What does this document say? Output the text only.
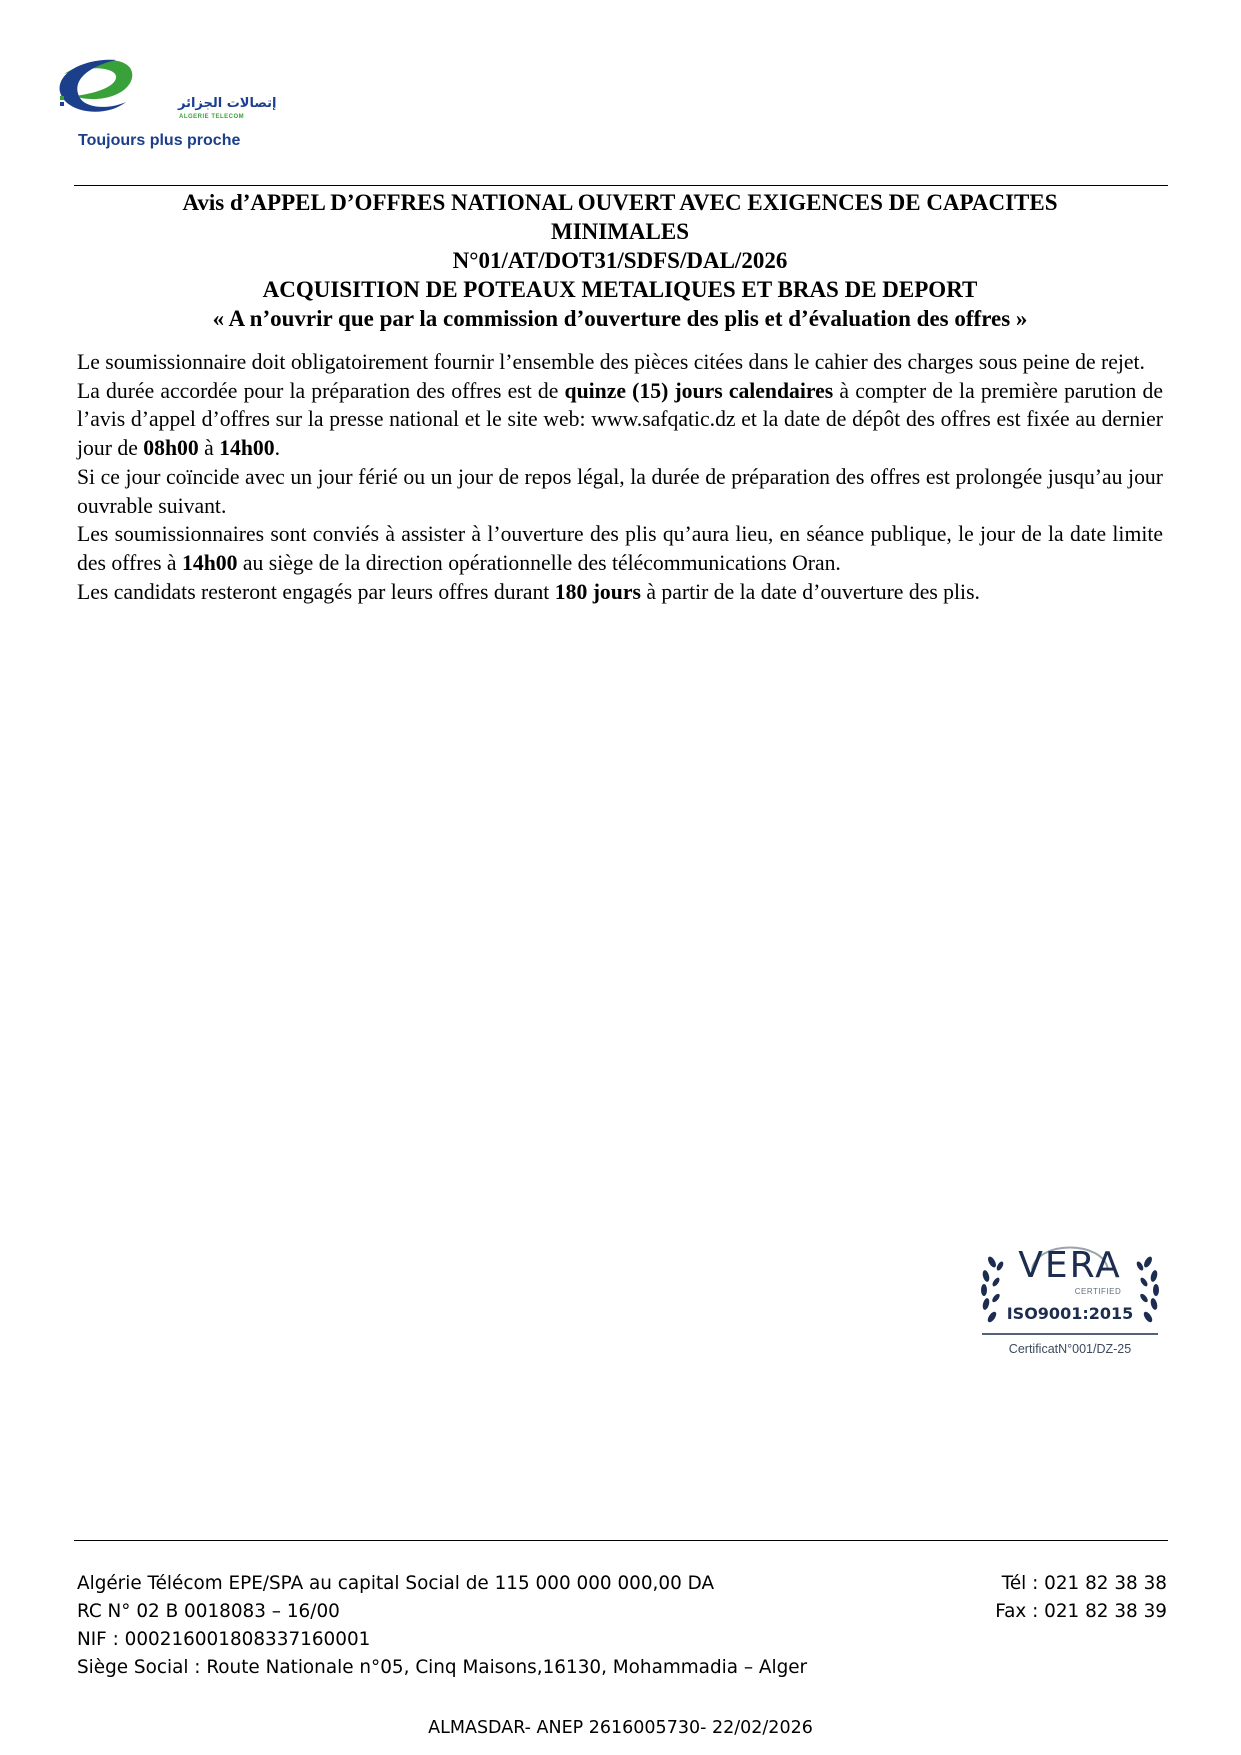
إتصالات الجزائر
ALGERIE TELECOM
Toujours plus proche
Avis d’APPEL D’OFFRES NATIONAL OUVERT AVEC EXIGENCES DE CAPACITES
MINIMALES
N°01/AT/DOT31/SDFS/DAL/2026
ACQUISITION DE POTEAUX METALIQUES ET BRAS DE DEPORT
« A n’ouvrir que par la commission d’ouverture des plis et d’évaluation des offres »

Le soumissionnaire doit obligatoirement fournir l’ensemble des pièces citées dans le cahier des charges sous peine de rejet.

La durée accordée pour la préparation des offres est de quinze (15) jours calendaires à compter de la première parution de l’avis d’appel d’offres sur la presse national et le site web: www.safqatic.dz et la date de dépôt des offres est fixée au dernier jour de 08h00 à 14h00.

Si ce jour coïncide avec un jour férié ou un jour de repos légal, la durée de préparation des offres est prolongée jusqu’au jour ouvrable suivant.

Les soumissionnaires sont conviés à assister à l’ouverture des plis qu’aura lieu, en séance publique, le jour de la date limite des offres à 14h00 au siège de la direction opérationnelle des télécommunications Oran.

Les candidats resteront engagés par leurs offres durant 180 jours à partir de la date d’ouverture des plis.

VERA
CERTIFIED
ISO9001:2015
CertificatN°001/DZ-25
Algérie Télécom EPE/SPA au capital Social de 115 000 000 000,00 DA
RC N° 02 B 0018083 – 16/00
NIF : 000216001808337160001
Siège Social : Route Nationale n°05, Cinq Maisons,16130, Mohammadia – Alger
Tél : 021 82 38 38
Fax : 021 82 38 39
ALMASDAR- ANEP 2616005730- 22/02/2026
